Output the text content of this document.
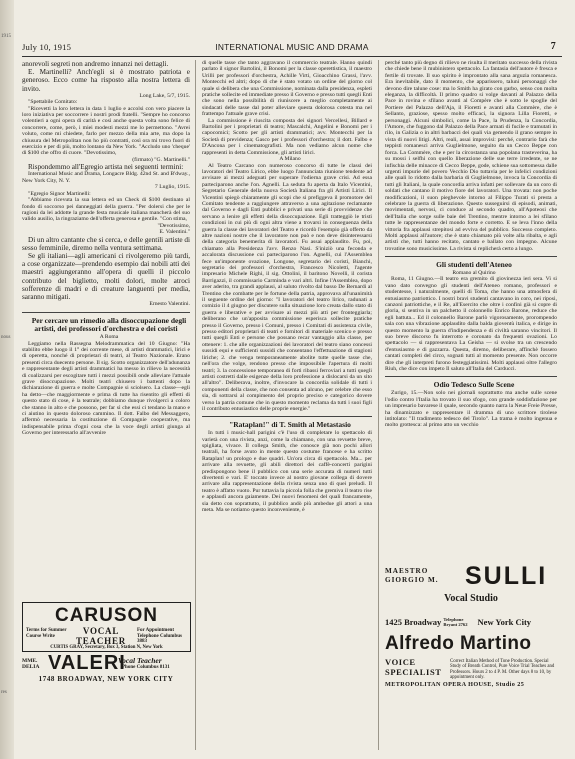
1915
nous
res
July 10, 1915	INTERNATIONAL MUSIC AND DRAMA	7

anorevoli segreti non andremo innanzi nei dettagli.

E. Martinelli? Anch'egli si è mostrato patriota e generoso. Ecco come ha risposto alla nostra lettera di invito.

Long Lake, 5/7, 1915.

"Spettabile Comitato:

"Ricevetti la loro lettera in data 1 luglio e accolsi con vero piacere la loro iniziativa per soccorrere i nostri prodi fratelli. "Sempre ho concorso volentieri a ogni opera di carità e così anche questa volta sono felice di concorrere, come, però, i miei modesti mezzi me lo permettono. "Avrei voluto, come mi chiedete, farlo per mezzo della mia arte, ma dopo la chiusura del Metropolitan non ho più contratti, così ora mi trovo fuori di esercizio e per di più, molto lontano da New York. "Accludo uno 'cheque' di $100 che offro di cuore. "Devotissimo,

(firmato) "G. Martinelli."

Rispondemmo all'Egregio artista nei seguenti termini:

International Music and Drama, Longacre Bldg. 42nd St. and B'dway., New York City, N. Y.

7 Luglio, 1915.

"Egregio Signor Martinelli:

"Abbiamo ricevuta la sua lettera ed un Check di $100 destinato al fondo di soccorso pei danneggiati della guerra. "Per dolersi che per le ragioni da lei addotte la grande festa musicale italiana mancherà del suo valido ausilio, la ringraziamo dell'offerta generosa e gentile. "Con stima,

"Devotissimo,

E. Valentini."

Di un altro cantante che si cerca, e delle gentili artiste di sesso femminile, diremo nella ventura settimana.

Se gli italiani—agli americani ci rivolgeremo più tardi, a cose organizzate—prendendo esempio dai nobili atti dei maestri aggiungeranno all'opera di quelli il piccolo contributo del biglietto, molti dolori, molte atroci sofferenze di madri e di creature languenti per media, saranno mitigati.

Ernesto Valentini.

Per cercare un rimedio alla disoccupazione degli artisti, dei professori d'orchestra e dei coristi

A Roma

Leggiamo nella Rassegna Melodrammatica del 10 Giugno: "Ha stabilito ebbe luogo il 1° dei corrente mese, di artisti drammatici, lirici e di operetta, nonché di proprietari di teatri, al Teatro Nazionale. Erano presenti circa duecento persone. Il sig. Scotto organizzatore dell'adunanza e rappresentante degli artisti drammatici ha messo in rilievo la necessità di coalizzarsi per escogitare tutti i mezzi possibili onde alleviare l'attuale grave disoccupazione. Molti teatri chiusero i battenti dopo la dichiarazione di guerra e molte Compagnie si sciolsero. La classe—egli ha detto—che maggiormente e prima di tutte ha risentito gli effetti di questo stato di cose, è la teatrale; dobbiamo dunque rivolgerci a coloro che stanno in alto e che possono, per far sì che essi ci tendano la mano e ci aiutino in questo doloroso cammino. Il dott. Falbo del Messaggero, affermò necessaria la costituzione di Compagnie cooperative, ma indispensabile prima d'ogni cosa che la voce degli artisti giunga al Governo per interessarlo all'avvenire

di quelle tasse che tanto aggravano il commercio teatrale. Hanno quindi parlato il signor Bartolini, il Bonomi per la classe operettistica, il maestro Urilli per professori d'orchestra, Achille Virti, Gioacchino Grassi, l'avv. Montecchi ed altri; dopo di che è stato votato un ordine del giorno col quale si delibera che una Commissione, nominata dalla presidenza, espleti pratiche sollecite ed immediate presso il Governo e presso tutti quegli Enti che sono nella possibilità di riuniscere a meglio completamente ai sindacati delle tasse dal poter alleviare questa dolorosa cotesta ma nel frattempo l'attuale grave crisi.

La commissione è riuscita composta dei signori Vercellesi, Billard e Bartolini per i proprietari di teatro; Mascalchi, Angelini e Bonomi per i capocomici; Scotto per gli artisti drammatici; avv. Montecchi per la Società di previdenza; Gasco per i professori d'orchestra; il dott. Falbo e D'Ancona per i cinematografisti. Ma non vediamo alcun nome che rappresenti in detta Commissione, gli artisti lirici.

A Milano

Al Teatro Carcano con numeroso concorso di tutte le classi dei lavoratori del Teatro Lirico, ebbe luogo l'annunciata riunione tendente ad avvisare ai mezzi adeguati per superare l'odierna grave crisi. Ad essa parteciparono anche l'on. Agnelli. La seduta fu aperta da Italo Vicentini, Segretario Generale della nuova Società Italiana fra gli Artisti Lirici. Il Vicentini spiegò chiaramente gli scopi che si prefiggeva il promotore del Comitato tendente a raggiungere attraverso a una agitazione reclamante dal Governo e dagli Enti pubblici e privati una serie di provvidenze che servano a lenire gli effetti della disoccupazione. Egli tratteggiò le tristi condizioni in cui più di ogni altra viene a trovarsi in conseguenza della guerra la classe dei lavoratori del Teatro e ricordò l'esempio già offerto da altre nazioni nostre che il lavoratore non può e non deve disinteressarsi della categoria benemerita di lavoratori. Fu assai applaudito. Fu, poi, chiamato alla Presidenza l'avv. Renzo Nasi. S'iniziò una feconda e accalorata discussione cui parteciparono l'on. Agnelli, cui l'Assemblea fece un'imponente ovazione, Longone, segretario dei coristi, Bianchi, segretario dei professori d'orchestra, Francesco Nicoletti, l'agente impresario Michele Righi, il sig. Ottolini, il baritono Novelli, il corista Barrigazzi, il commissario Carminda e vari altri. Infine l'Assemblea, dopo aver aderito, tra grandi applausi, al saluto rivolto dal basso De Bernardi al Trentino che combatte per le fortune della patria, approvava all'unanimità il seguente ordine del giorno: "I lavoratori del teatro lirico, radunati a comizio il 4 giugno per discutere sulla situazione loro creata dallo stato di guerra e liberative e per avvisare ai mezzi più atti per fronteggiarla; deliberano che un'apposita commissione esperisca sollecite pratiche presso il Governo, presso i Comuni, presso i Comitati di assistenza civile, presso editori proprietari di teatri e fornitori di materiale scenico e presso tutti quegli Enti e persone che possano recar vantaggio alla classe, per ottenere: 1. che alle organizzazioni dei lavoratori del teatro siano concessi sussidi equi e sufficienti sussidi che consentano l'effettuazione di stagioni liriche; 2. che venga temporaneamente abolite tutte quelle tasse che, nell'ora che volge, rendono presso che impossibile l'apertura di molti teatri; 3. la concessione temporanea di forti ribassi ferroviari a tutti quegli artisti costretti dalle esigenze della loro professione a dislocarsi da un sito all'altro". Deliberava, inoltre, d'invocare la concordia solidale di tutti i componenti della classe, che non consenta ad alcuno, per celebre che esso sia, di sottrarsi al compimento del proprio preciso e categorico dovere verso la patria comune che in questo momento reclama da tutti i suoi figli il contributo entusiastico delle proprie energie."

"Rataplan!" di T. Smith al Metastasio

In tutti i music-hall parigini c'è l'uso di completare lo spettacolo di varietà con una rivista, anzi, come la chiamano, con una revuette breve, spigliata, vivace. Il collega Smith, che conosce già non pochi allori teatrali, ha forse avuto in mente questo costume francese e ha scritto Rataplan! un prologo e due quadri. Un'ora circa di spettacolo. Ma... per arrivare alla revuette, gli abili direttori dei caffè-concerti parigini predispongono bene il pubblico con una serie accurata di numeri tutti divertenti e vari. E' toccato invece al nostro giovane collega di dovere arrivare alla rappresentazione della rivista senza uno di quei preludi. Il teatro è affatto vuoto. Pur tuttavia la piccola folla che gremiva il teatro rise e applaudì ancora gaiamente. Dei nuovi fenomeni del quali francamente, sia detto con soprattutto, il pubblico andò più ambedue gli attori a una meta. Ma se notiamo questo inconveniente, è

perché tanto più degno di rilievo ne risulta il meritato successo della rivista che chiede bene il mubinistero spettacolo. La fantasia dell'autore è fresca e fertile di trovate. Il suo spirito è improntato alla sana arguzia romanesca. Era inevitabile, dato il momento, che apparissero, taluni personaggi che devono dire talune cose: ma lo Smith ha girato con garbo, senso con molta eleganza, la difficoltà. Il primo quadro si volge davanti al Palazzo della Pace in rovina e sfilano avanti al Compère che è sotto le spoglie del Portiere del Palazzo dell'Aja, il Fioretti e avanti alla Commère, che è Sellanto, graziose, spesso molto efficaci, la signora Lilla Fioretti, e personaggi. Alcuni simbolici, come la Pace, la Prudenza, la Concordia, l'Amore, che fuggono dal Palazzo della Pace armati di fucile e tramutati in rilo, in Galizia o in altri barbacci dei quali via gemendo il grano sempre in vista di nuovi litigi. Altri, reali, assai improvisi: perché, contrario farà che teppisti romanesci arriva Guglielmone, seguito da un Cecco Beppe con forca. La Commère, che e per la circostanza una popolana trasteverina, ha su mossi i selfhi con quello liberazione delle sue terre irredente, se ne infischia delle minacce di Cecco Beppe, gode, schiene sua sottomessa dalle urgenti impurie del povero Vecchio Dio tuttavia per le infelici condizioni alle quali lo ridotto dalla barbaria di Guglielmone, invoca la Concordia di tutti gli Italiani, la quale concordia arriva infatti per sollevare da un coro di soldati che cantano il motivo fiore del lavoratori. Una trovata: non poche modificazioni, il suon pieghevole intorno al Filippo Turati si presta a celebrare la guerra di liberazione. Questo susseguirsi di episodi, animati, movimentati, nervosi, ci conduce al secondo quadro, all'Apoteosi che dell'Italia che sorge sulle baie del Trentino, mentre intorno a lei sfilano tutte le rappresentanze del mondo forte e corretto. E se leva l'inno della vittoria fra applausi strepitosi ad evviva del pubblico. Successo completo. Molti applausi all'autore; che è stato chiamato più volte alla ribalta, e agli artisti che, tutti hanno recitato, cantato e ballato con impegno. Alcune trovatine sono musicissime. La rivista si replicherà certo a lungo.

Gli studenti dell'Ateneo

Romano al Quirino

Roma, 11 Giugno.—Il teatro era gremito di giovinezza ieri sera. Vi si vano dato convegno gli studenti dell'Ateneo romano, professori e studentesse, i naturalmente, quelli di Toma, che hanno una atmosfera di entusiasmo patriottico. I nostri bravi studenti cantavano in coro, nei riposi, canzoni patriottiche, e il Re, all'Esercito che oltre i confini già si copre di gloria, si sentiva in un palchetto il colonnello Enrico Barone, reduce che egli battuta... Ed il colonnello Barone parlò vigorosamente, prorompendo sala con una vibrazione applaudito dalla balda gioventù italica, e dirige in questo momento la guerra d'indipendenza e di civiltà saranno vincitori. Il suo breve discorso fu interrotto e coronato da frequenti ovazioni. Lo spettacolo — si rappresentava La Geisha — si svolse tra un crescendo d'entusiasmo e di gazzarra. Questa, diremo, deliberare, affinchè fossero cantati completi del circo, sognati tutti al momento presente. Non occorre dire che gli interpreti furono festeggiatissimi. Molti applausi oltre l'allegro Riuh, che dice con impeto Il saluto all'Italia del Carducci.

Odio Tedesco Sulle Scene

Zurigo, 15.—Non solo nei giornali soprattutto ma anche sulle scene l'odio contro l'Italia ha trovato il suo sfogo, con grande soddisfazione per un impresario bavarese il quale, secondo quanto narra la Neue Freie Presse, ha dinamizzato e rappresentare il dramma di uno scrittore tirolese intitolato: "Il tradimento tedesco del Tirolo". La trama è molto ingenua e molto grottesca: al primo atto un vecchio

CARUSON
Terms for Summer Course Write	VOCAL
TEACHER
For Appointment Telephone Columbus 3883
CURTIS GRAY, Secretary, Box 3, Station N, New York
MME. DELIA VALERI
Vocal Teacher
Phone Columbus 8131
1748 BROADWAY, NEW YORK CITY
MAESTRO
GIORGIO M. SULLI
Vocal Studio
1425 Broadway Telephone Bryant 2762 New York City
Alfredo Martino
VOICE
SPECIALIST
Correct Italian Method of Tone Production. Special Study of Breath Control, Pure Voice Trial Teaches and Professors. Hours 2 to 4 P. M. Other days 8 to 10, by appointment only.
METROPOLITAN OPERA HOUSE, Studio 25
